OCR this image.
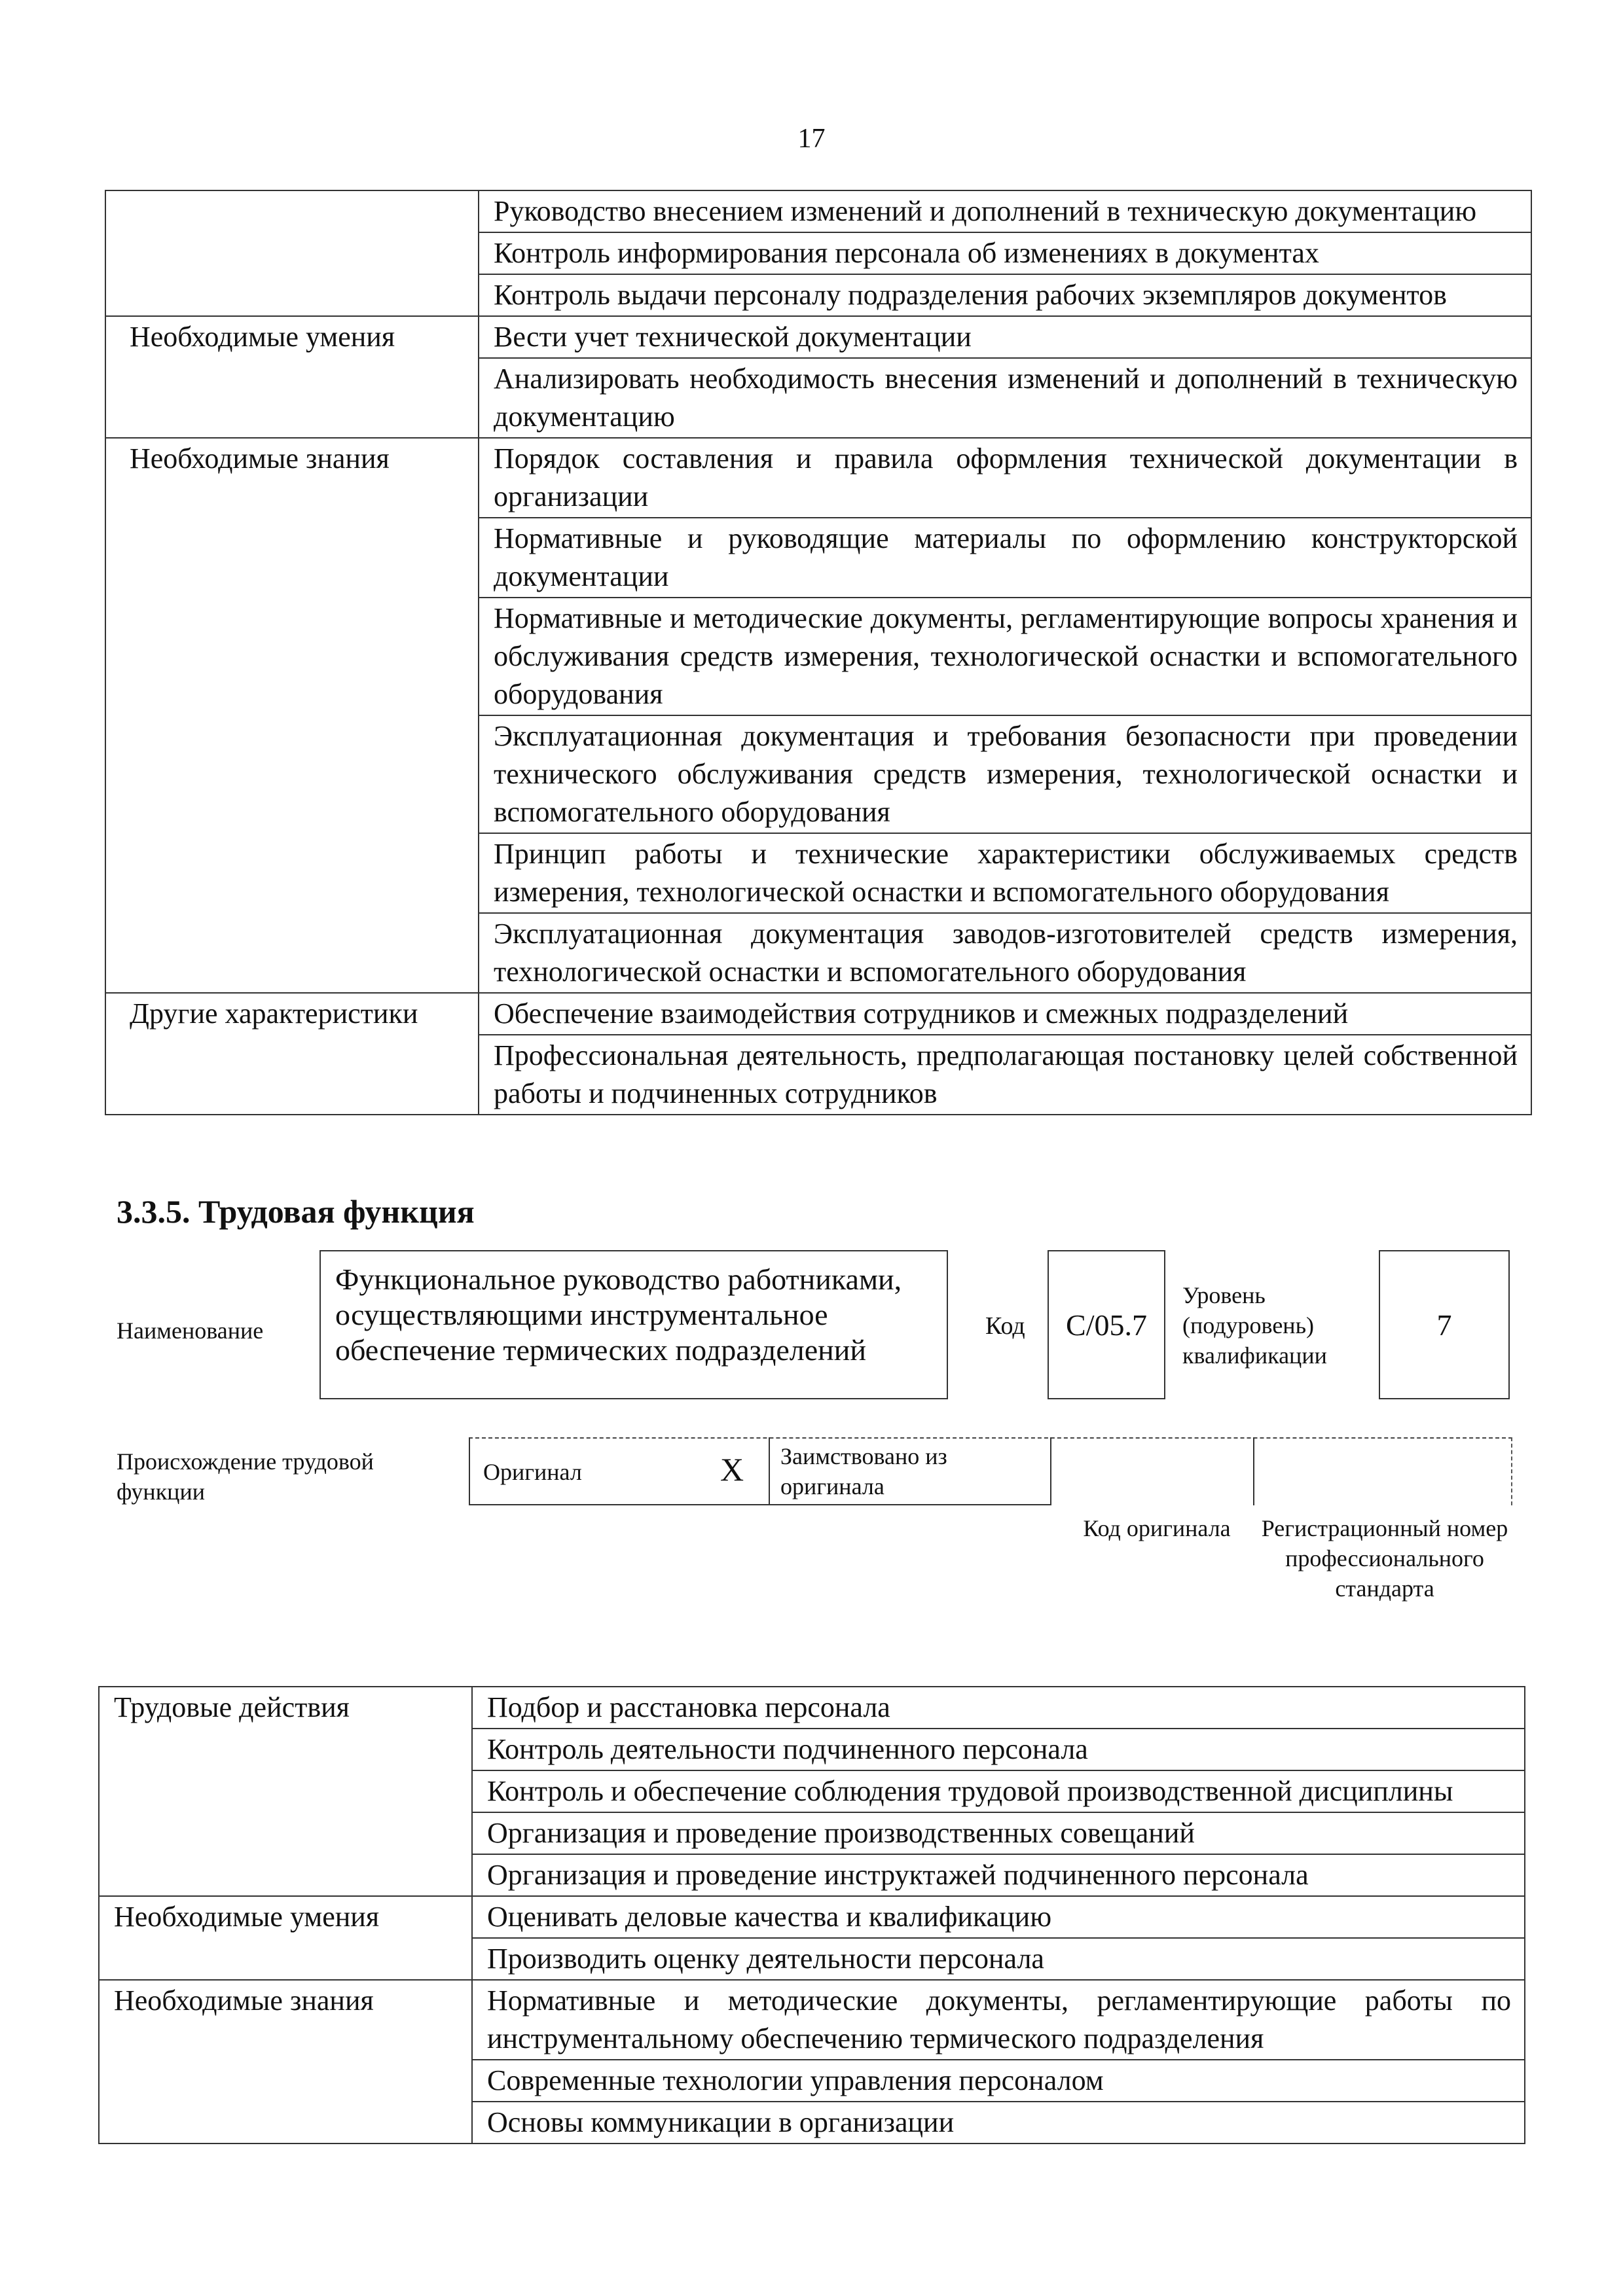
17
	Руководство внесением изменений и дополнений в техническую документацию
	Контроль информирования персонала об изменениях в документах
	Контроль выдачи персоналу подразделения рабочих экземпляров документов
Необходимые умения	Вести учет технической документации
	Анализировать необходимость внесения изменений и дополнений в техническую документацию
Необходимые знания	Порядок составления и правила оформления технической документации в организации
	Нормативные и руководящие материалы по оформлению конструкторской документации
	Нормативные и методические документы, регламентирующие вопросы хранения и обслуживания средств измерения, технологической оснастки и вспомогательного оборудования
	Эксплуатационная документация и требования безопасности при проведении технического обслуживания средств измерения, технологической оснастки и вспомогательного оборудования
	Принцип работы и технические характеристики обслуживаемых средств измерения, технологической оснастки и вспомогательного оборудования
	Эксплуатационная документация заводов-изготовителей средств измерения, технологической оснастки и вспомогательного оборудования
Другие характеристики	Обеспечение взаимодействия сотрудников и смежных подразделений
	Профессиональная деятельность, предполагающая постановку целей собственной работы и подчиненных сотрудников
3.3.5. Трудовая функция
Наименование
Функциональное руководство работниками, осуществляющими инструментальное обеспечение термических подразделений
Код	C/05.7
Уровень
(подуровень)
квалификации
7
Происхождение трудовой функции
Оригинал	X	Заимствовано из оригинала
Код оригинала	Регистрационный номер профессионального стандарта
Трудовые действия	Подбор и расстановка персонала
	Контроль деятельности подчиненного персонала
	Контроль и обеспечение соблюдения трудовой производственной дисциплины
	Организация и проведение производственных совещаний
	Организация и проведение инструктажей подчиненного персонала
Необходимые умения	Оценивать деловые качества и квалификацию
	Производить оценку деятельности персонала
Необходимые знания	Нормативные и методические документы, регламентирующие работы по инструментальному обеспечению термического подразделения
	Современные технологии управления персоналом
	Основы коммуникации в организации
